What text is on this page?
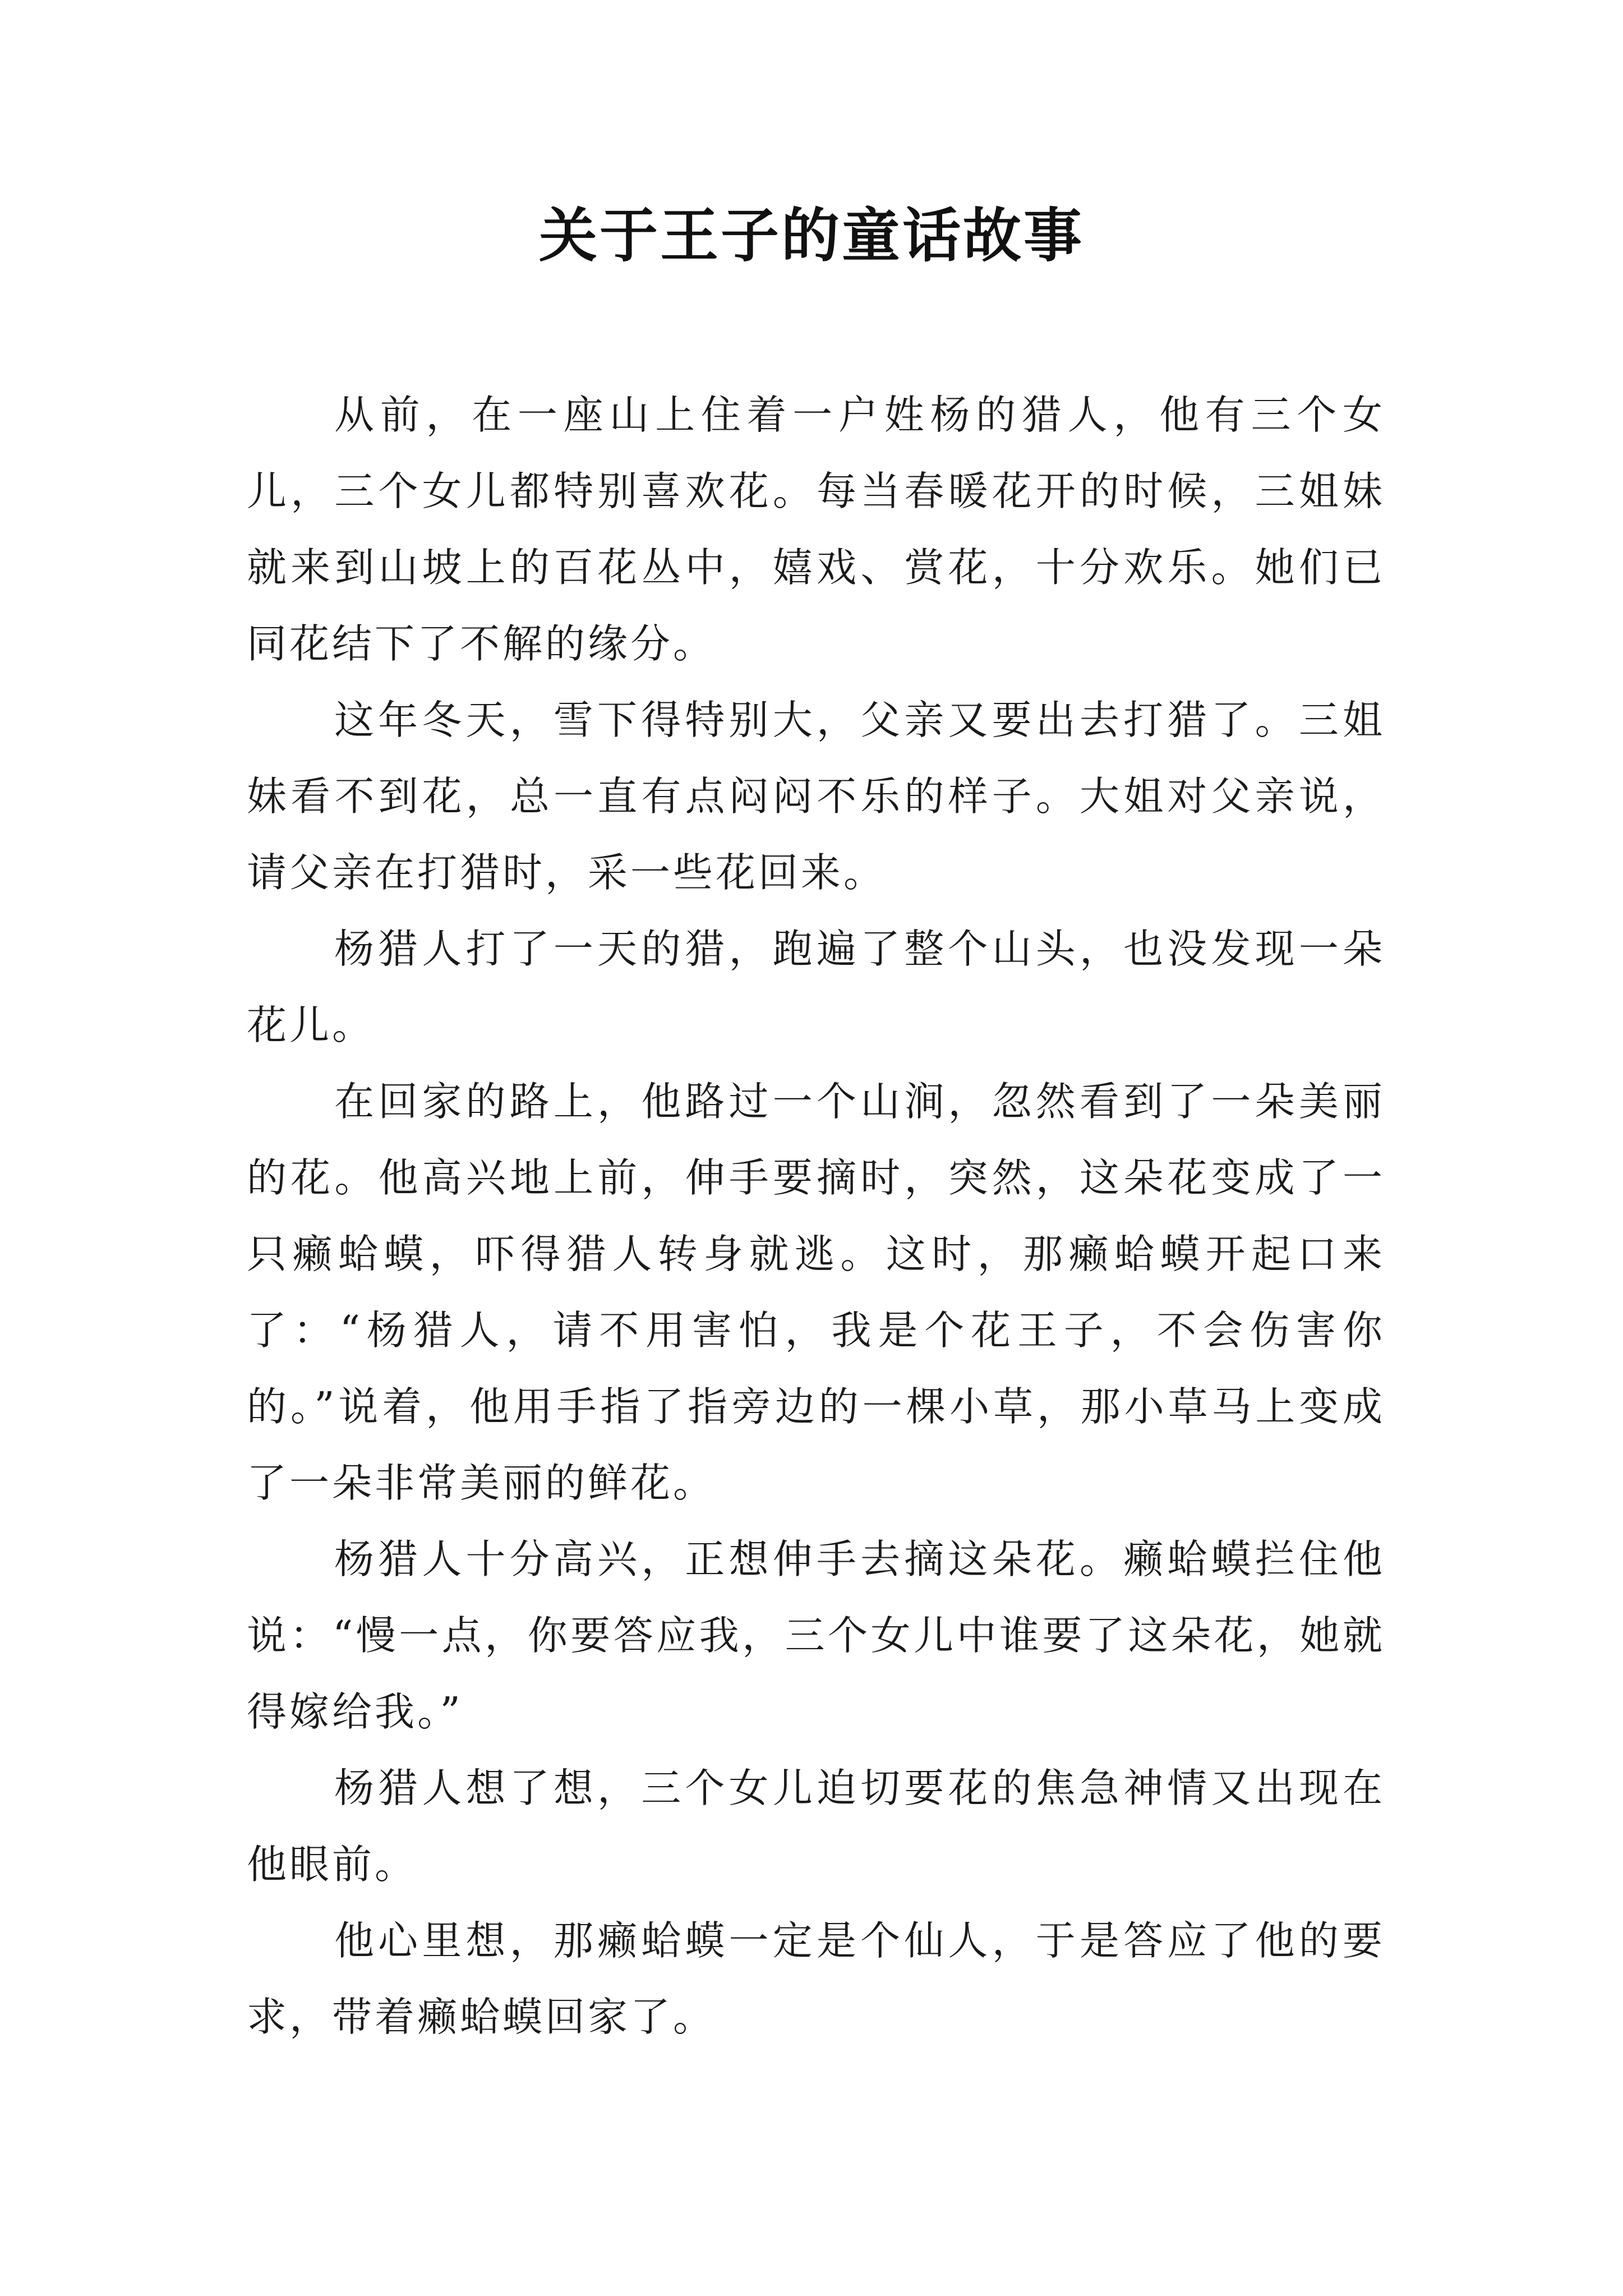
关于王子的童话故事

从前，在一座山上住着一户姓杨的猎人，他有三个女儿，三个女儿都特别喜欢花。每当春暖花开的时候，三姐妹就来到山坡上的百花丛中，嬉戏、赏花，十分欢乐。她们已同花结下了不解的缘分。

这年冬天，雪下得特别大，父亲又要出去打猎了。三姐妹看不到花，总一直有点闷闷不乐的样子。大姐对父亲说，请父亲在打猎时，采一些花回来。

杨猎人打了一天的猎，跑遍了整个山头，也没发现一朵花儿。

在回家的路上，他路过一个山涧，忽然看到了一朵美丽的花。他高兴地上前，伸手要摘时，突然，这朵花变成了一只癞蛤蟆，吓得猎人转身就逃。这时，那癞蛤蟆开起口来了：“杨猎人，请不用害怕，我是个花王子，不会伤害你的。”说着，他用手指了指旁边的一棵小草，那小草马上变成了一朵非常美丽的鲜花。

杨猎人十分高兴，正想伸手去摘这朵花。癞蛤蟆拦住他说：“慢一点，你要答应我，三个女儿中谁要了这朵花，她就得嫁给我。”

杨猎人想了想，三个女儿迫切要花的焦急神情又出现在他眼前。

他心里想，那癞蛤蟆一定是个仙人，于是答应了他的要求，带着癞蛤蟆回家了。
